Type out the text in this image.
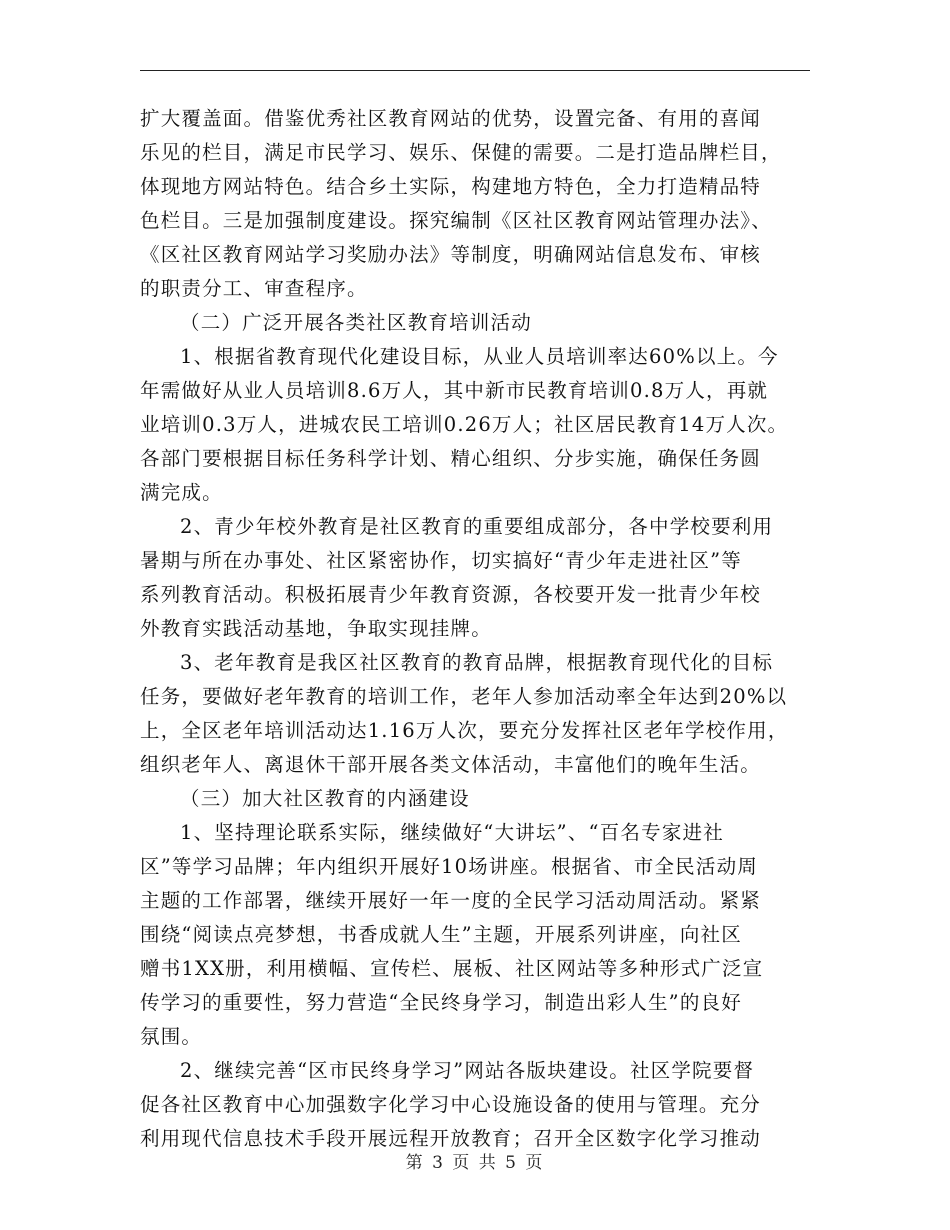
扩大覆盖面。借鉴优秀社区教育网站的优势，设置完备、有用的喜闻
乐见的栏目，满足市民学习、娱乐、保健的需要。二是打造品牌栏目，
体现地方网站特色。结合乡土实际，构建地方特色，全力打造精品特
色栏目。三是加强制度建设。探究编制《区社区教育网站管理办法》、
《区社区教育网站学习奖励办法》等制度，明确网站信息发布、审核
的职责分工、审查程序。
（二）广泛开展各类社区教育培训活动
1、根据省教育现代化建设目标，从业人员培训率达60%以上。今
年需做好从业人员培训8.6万人，其中新市民教育培训0.8万人，再就
业培训0.3万人，进城农民工培训0.26万人；社区居民教育14万人次。
各部门要根据目标任务科学计划、精心组织、分步实施，确保任务圆
满完成。
2、青少年校外教育是社区教育的重要组成部分，各中学校要利用
暑期与所在办事处、社区紧密协作，切实搞好“青少年走进社区”等
系列教育活动。积极拓展青少年教育资源，各校要开发一批青少年校
外教育实践活动基地，争取实现挂牌。
3、老年教育是我区社区教育的教育品牌，根据教育现代化的目标
任务，要做好老年教育的培训工作，老年人参加活动率全年达到20%以
上，全区老年培训活动达1.16万人次，要充分发挥社区老年学校作用，
组织老年人、离退休干部开展各类文体活动，丰富他们的晚年生活。
（三）加大社区教育的内涵建设
1、坚持理论联系实际，继续做好“大讲坛”、“百名专家进社
区”等学习品牌；年内组织开展好10场讲座。根据省、市全民活动周
主题的工作部署，继续开展好一年一度的全民学习活动周活动。紧紧
围绕“阅读点亮梦想，书香成就人生”主题，开展系列讲座，向社区
赠书1XX册，利用横幅、宣传栏、展板、社区网站等多种形式广泛宣
传学习的重要性，努力营造“全民终身学习，制造出彩人生”的良好
氛围。
2、继续完善“区市民终身学习”网站各版块建设。社区学院要督
促各社区教育中心加强数字化学习中心设施设备的使用与管理。充分
利用现代信息技术手段开展远程开放教育；召开全区数字化学习推动
第 3 页 共 5 页
